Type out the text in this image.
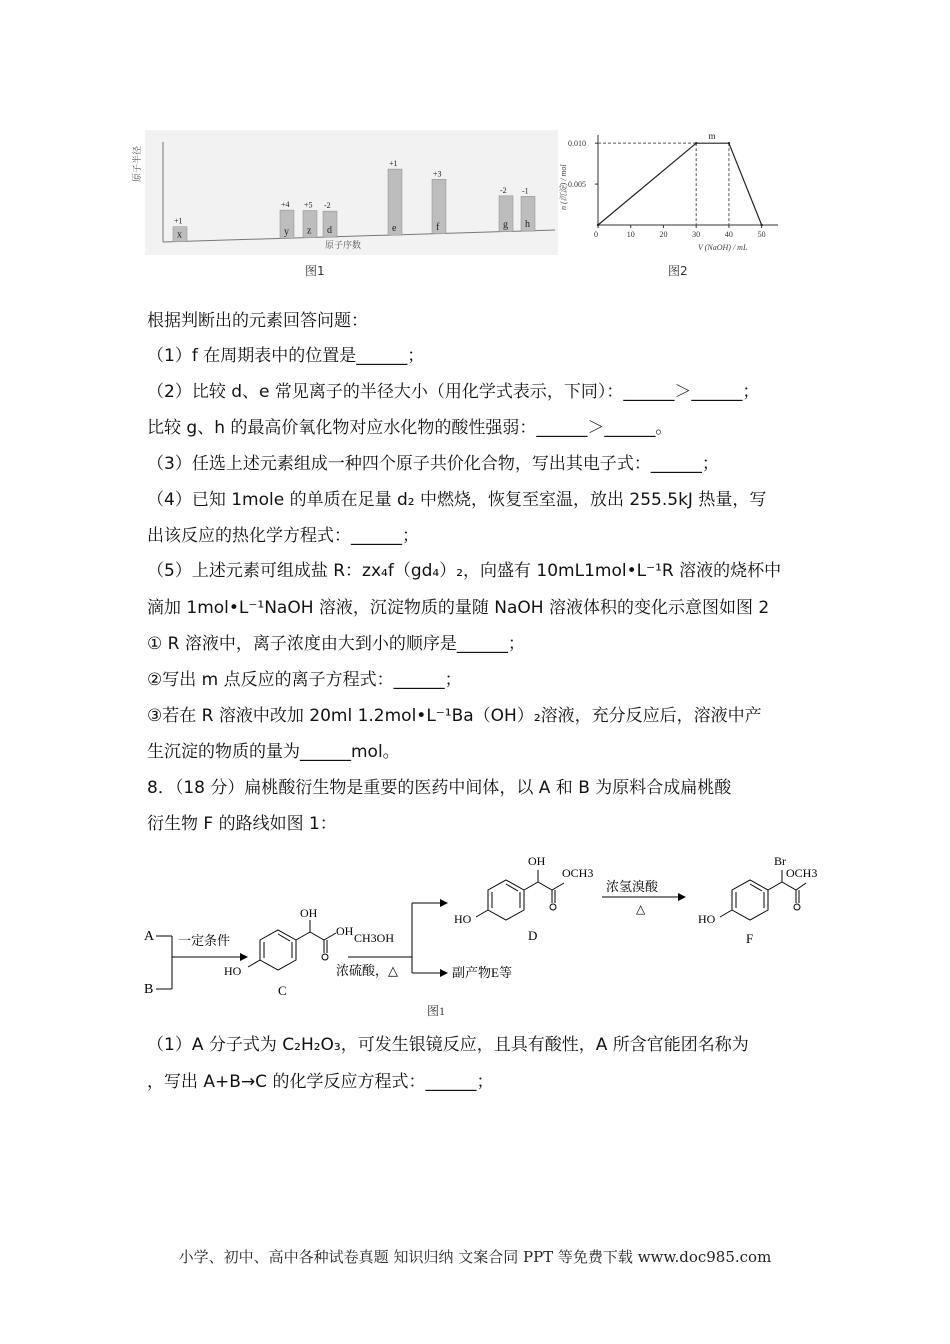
原子半径
原子序数
x
+1
y
+4
z
+5
d
-2
e
+1
f
+3
g
-2
h
-1
图1
n (沉淀) / mol
V (NaOH) / mL
0	10	20	30	40	50
0.005
0.010
m
图2
根据判断出的元素回答问题：
（1）f 在周期表中的位置是______；
（2）比较 d、e 常见离子的半径大小（用化学式表示，下同）：______＞______；
比较 g、h 的最高价氧化物对应水化物的酸性强弱：______＞______。
（3）任选上述元素组成一种四个原子共价化合物，写出其电子式：______；
（4）已知 1mole 的单质在足量 d₂ 中燃烧，恢复至室温，放出 255.5kJ 热量，写
出该反应的热化学方程式：______；
（5）上述元素可组成盐 R：zx₄f（gd₄）₂，向盛有 10mL1mol•L⁻¹R 溶液的烧杯中
滴加 1mol•L⁻¹NaOH 溶液，沉淀物质的量随 NaOH 溶液体积的变化示意图如图 2
① R 溶液中，离子浓度由大到小的顺序是______；
②写出 m 点反应的离子方程式：______；
③若在 R 溶液中改加 20ml 1.2mol•L⁻¹Ba（OH）₂溶液，充分反应后，溶液中产
生沉淀的物质的量为______mol。
8．（18 分）扁桃酸衍生物是重要的医药中间体，以 A 和 B 为原料合成扁桃酸
衍生物 F 的路线如图 1：
A
B
一定条件
OH
OH
HO
C
CH3OH
浓硫酸，△	副产物E等
OH
OCH3
HO
D
浓氢溴酸
△
Br
OCH3
HO
F
图1
（1）A 分子式为 C₂H₂O₃，可发生银镜反应，且具有酸性，A 所含官能团名称为
，写出 A+B→C 的化学反应方程式：______；
小学、初中、高中各种试卷真题 知识归纳 文案合同 PPT 等免费下载 www.doc985.com
